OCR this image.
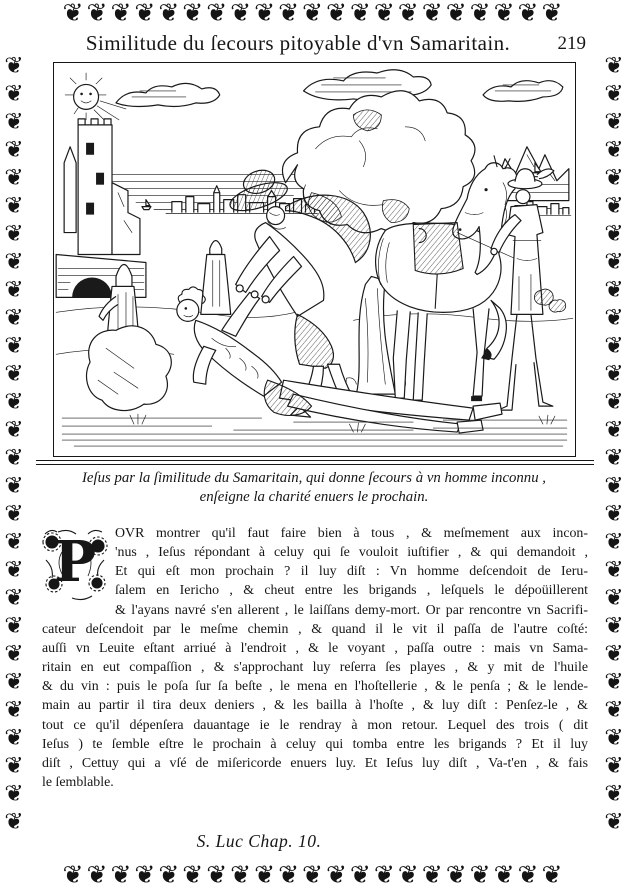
❦❦❦❦❦❦❦❦❦❦❦❦❦❦❦❦❦❦❦❦❦
❦❦❦❦❦❦❦❦❦❦❦❦❦❦❦❦❦❦❦❦❦
❦❦❦❦❦❦❦❦❦❦❦❦❦❦❦❦❦❦❦❦❦❦❦❦❦❦❦❦	❦❦❦❦❦❦❦❦❦❦❦❦❦❦❦❦❦❦❦❦❦❦❦❦❦❦❦❦
Similitude du ſecours pitoyable d'vn Samaritain.	219
Ieſus par la ſimilitude du Samaritain, qui donne ſecours à vn homme inconnu ,
enſeigne la charité enuers le prochain.
P	OVR montrer qu'il faut faire bien à tous , & meſmement aux incon-
'nus , Ieſus répondant à celuy qui ſe vouloit iuſtifier , & qui demandoit ,
Et qui eſt mon prochain ? il luy diſt : Vn homme deſcendoit de Ieru-
ſalem en Iericho , & cheut entre les brigands , leſquels le dépoüillerent
& l'ayans navré s'en allerent , le laiſſans demy-mort. Or par rencontre vn Sacrifi-
cateur deſcendoit par le meſme chemin , & quand il le vit il paſſa de l'autre coſté:
auſſi vn Leuite eſtant arriué à l'endroit , & le voyant , paſſa outre : mais vn Sama-
ritain en eut compaſſion , & s'approchant luy reſerra ſes playes , & y mit de l'huile
& du vin : puis le poſa ſur ſa beſte , le mena en l'hoſtellerie , & le penſa ; & le lende-
main au partir il tira deux deniers , & les bailla à l'hoſte , & luy diſt : Penſez-le , &
tout ce qu'il dépenſera dauantage ie le rendray à mon retour. Lequel des trois ( dit
Ieſus ) te ſemble eſtre le prochain à celuy qui tomba entre les brigands ? Et il luy
diſt , Cettuy qui a vſé de miſericorde enuers luy. Et Ieſus luy diſt , Va-t'en , & fais
le ſemblable.
S. Luc Chap. 10.
